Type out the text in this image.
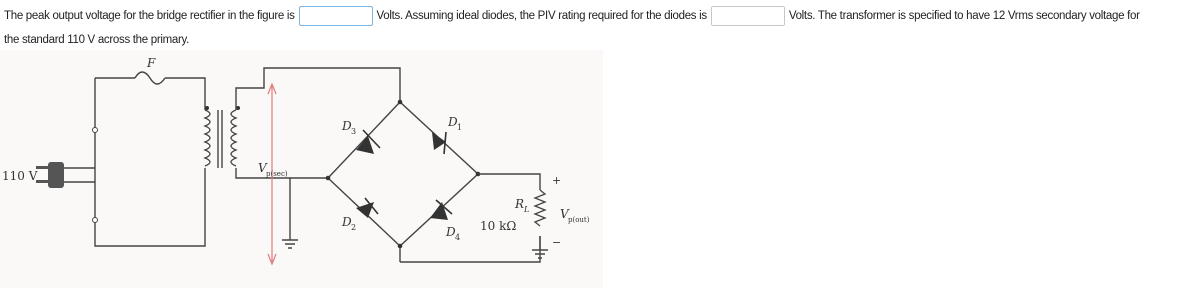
The peak output voltage for the bridge rectifier in the figure is	Volts. Assuming ideal diodes, the PIV rating required for the diodes is	Volts. The transformer is specified to have 12 Vrms secondary voltage for
the standard 110 V across the primary.
F
110 V
V p(sec)
D 3
D 1
D 2	D 4
R L
10 kΩ
+
−
V p(out)
